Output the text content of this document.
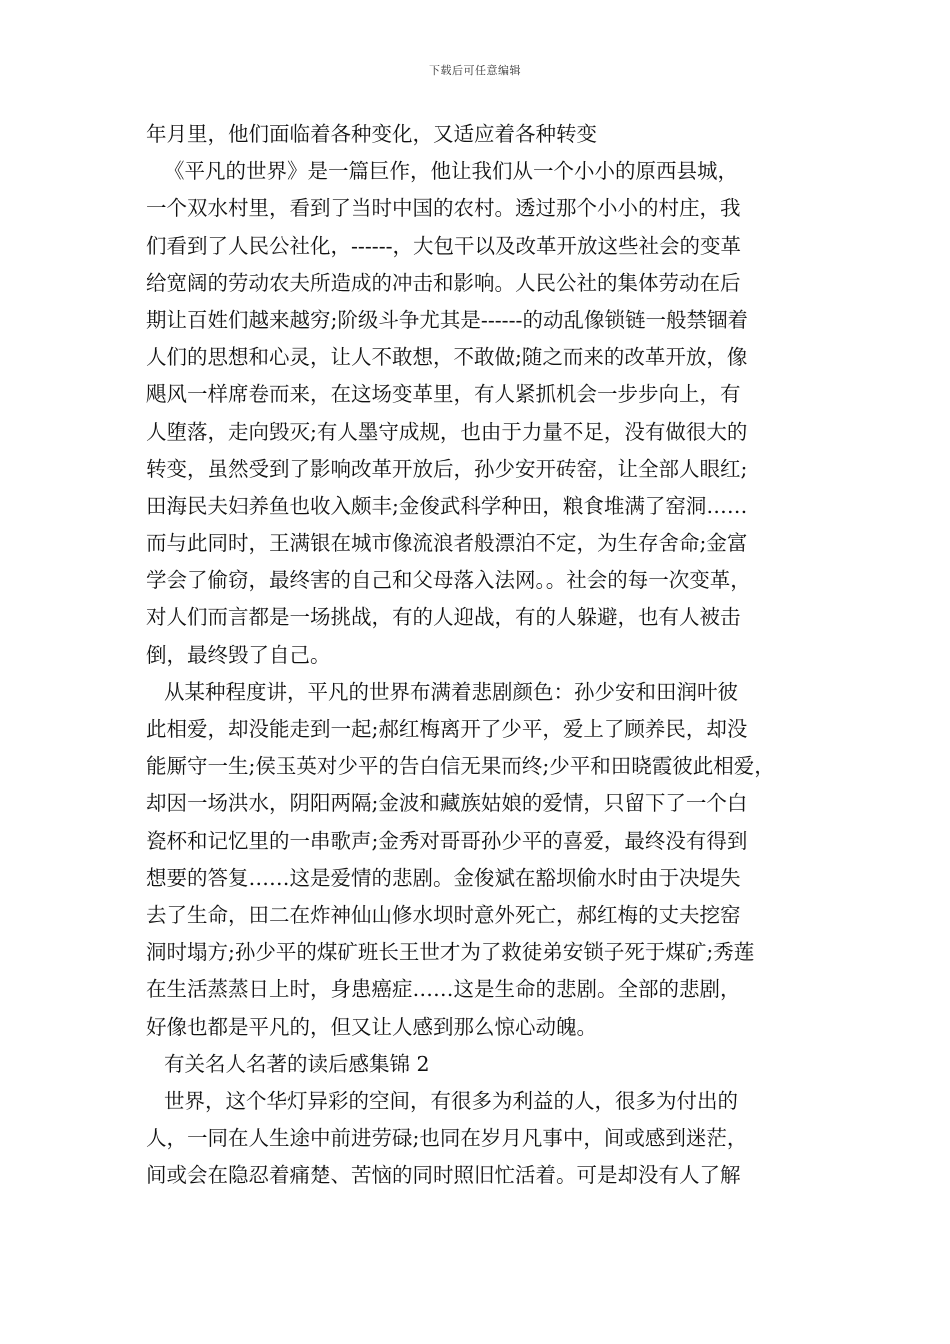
下载后可任意编辑
年月里，他们面临着各种变化，又适应着各种转变
《平凡的世界》是一篇巨作，他让我们从一个小小的原西县城，
一个双水村里，看到了当时中国的农村。透过那个小小的村庄，我
们看到了人民公社化，------，大包干以及改革开放这些社会的变革
给宽阔的劳动农夫所造成的冲击和影响。人民公社的集体劳动在后
期让百姓们越来越穷;阶级斗争尤其是------的动乱像锁链一般禁锢着
人们的思想和心灵，让人不敢想，不敢做;随之而来的改革开放，像
飓风一样席卷而来，在这场变革里，有人紧抓机会一步步向上，有
人堕落，走向毁灭;有人墨守成规，也由于力量不足，没有做很大的
转变，虽然受到了影响改革开放后，孙少安开砖窑，让全部人眼红;
田海民夫妇养鱼也收入颇丰;金俊武科学种田，粮食堆满了窑洞……
而与此同时，王满银在城市像流浪者般漂泊不定，为生存舍命;金富
学会了偷窃，最终害的自己和父母落入法网。。社会的每一次变革，
对人们而言都是一场挑战，有的人迎战，有的人躲避，也有人被击
倒，最终毁了自己。
从某种程度讲，平凡的世界布满着悲剧颜色：孙少安和田润叶彼
此相爱，却没能走到一起;郝红梅离开了少平，爱上了顾养民，却没
能厮守一生;侯玉英对少平的告白信无果而终;少平和田晓霞彼此相爱，
却因一场洪水，阴阳两隔;金波和藏族姑娘的爱情，只留下了一个白
瓷杯和记忆里的一串歌声;金秀对哥哥孙少平的喜爱，最终没有得到
想要的答复……这是爱情的悲剧。金俊斌在豁坝偷水时由于决堤失
去了生命，田二在炸神仙山修水坝时意外死亡，郝红梅的丈夫挖窑
洞时塌方;孙少平的煤矿班长王世才为了救徒弟安锁子死于煤矿;秀莲
在生活蒸蒸日上时，身患癌症……这是生命的悲剧。全部的悲剧，
好像也都是平凡的，但又让人感到那么惊心动魄。
有关名人名著的读后感集锦 2
世界，这个华灯异彩的空间，有很多为利益的人，很多为付出的
人，一同在人生途中前进劳碌;也同在岁月凡事中，间或感到迷茫，
间或会在隐忍着痛楚、苦恼的同时照旧忙活着。可是却没有人了解
